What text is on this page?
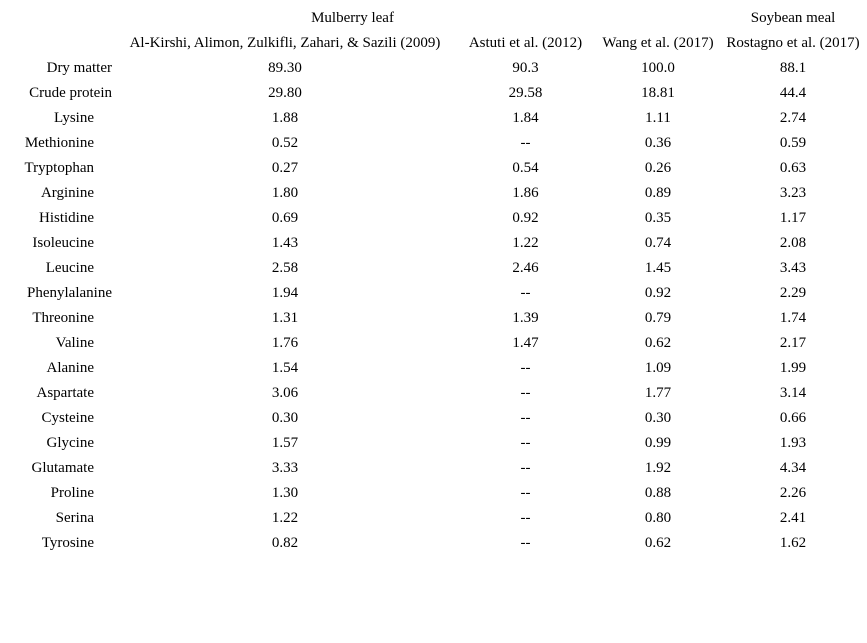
	Mulberry leaf			Soybean meal
	Al-Kirshi, Alimon, Zulkifli, Zahari, & Sazili (2009)	Astuti et al. (2012)	Wang et al. (2017)	Rostagno et al. (2017)
Dry matter	89.30	90.3	100.0	88.1
Crude protein	29.80	29.58	18.81	44.4
Lysine	1.88	1.84	1.11	2.74
Methionine	0.52	--	0.36	0.59
Tryptophan	0.27	0.54	0.26	0.63
Arginine	1.80	1.86	0.89	3.23
Histidine	0.69	0.92	0.35	1.17
Isoleucine	1.43	1.22	0.74	2.08
Leucine	2.58	2.46	1.45	3.43
Phenylalanine	1.94	--	0.92	2.29
Threonine	1.31	1.39	0.79	1.74
Valine	1.76	1.47	0.62	2.17
Alanine	1.54	--	1.09	1.99
Aspartate	3.06	--	1.77	3.14
Cysteine	0.30	--	0.30	0.66
Glycine	1.57	--	0.99	1.93
Glutamate	3.33	--	1.92	4.34
Proline	1.30	--	0.88	2.26
Serina	1.22	--	0.80	2.41
Tyrosine	0.82	--	0.62	1.62
